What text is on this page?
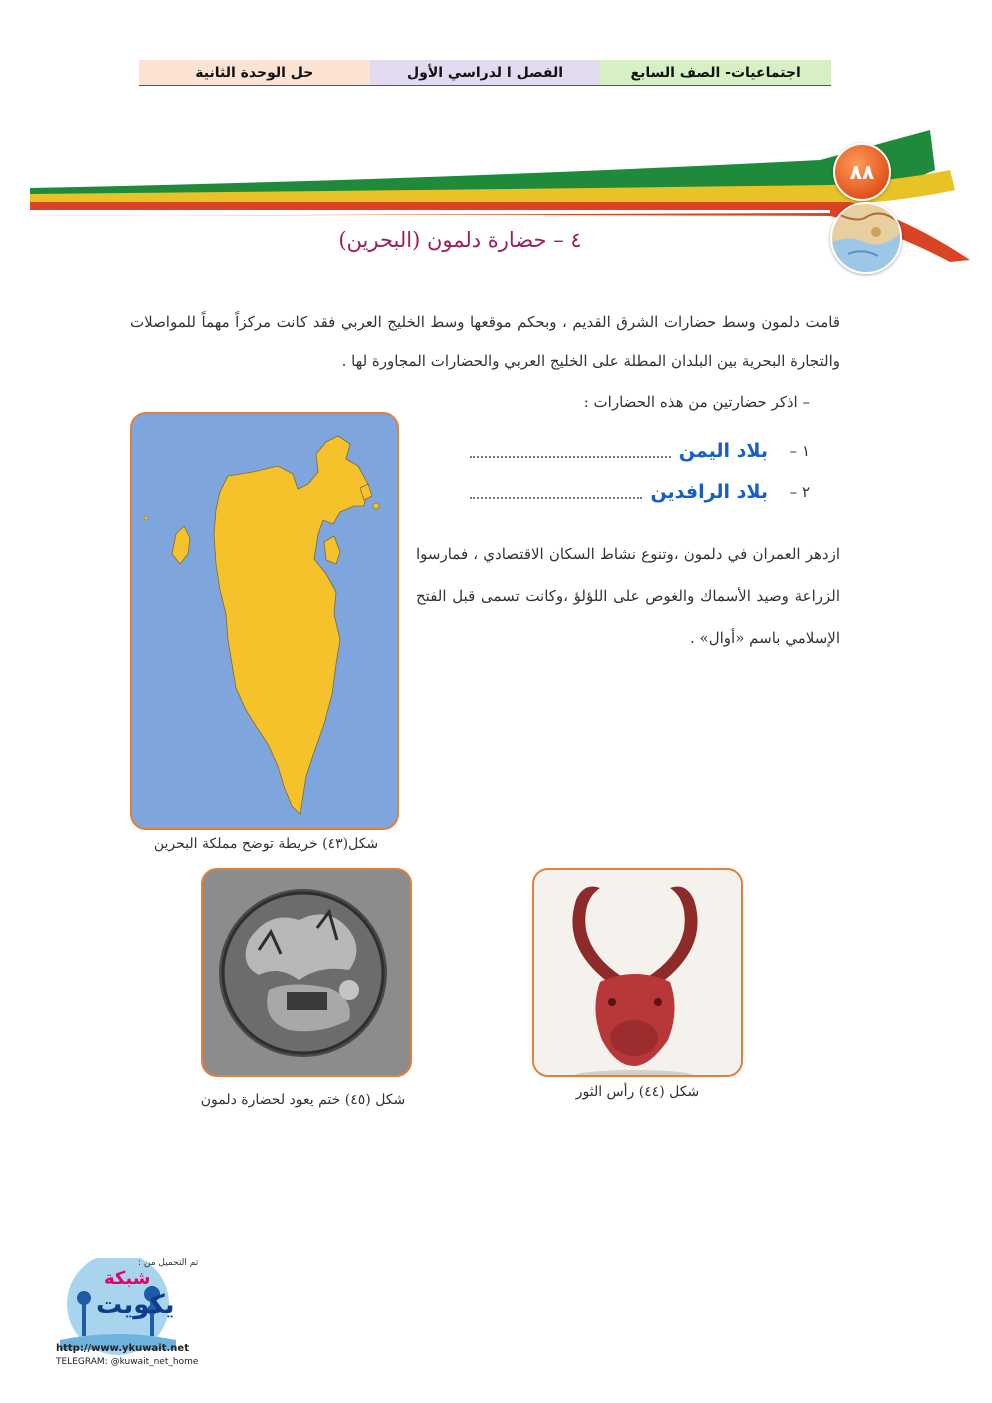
اجتماعيات- الصف السابع
الفصل ا لدراسي الأول
حل الوحدة الثانية
٨٨
٤ – حضارة دلمون (البحرين)
قامت دلمون وسط حضارات الشرق القديم ، وبحكم موقعها وسط الخليج العربي فقد كانت مركزاً مهماً للمواصلات والتجارة البحرية بين البلدان المطلة على الخليج العربي والحضارات المجاورة لها .
– اذكر حضارتين من هذه الحضارات :
١ –
بلاد اليمن
٢ –
بلاد الرافدين
ازدهر العمران في دلمون ،وتنوع نشاط السكان الاقتصادي ، فمارسوا الزراعة وصيد الأسماك والغوص على اللؤلؤ ،وكانت تسمى قبل الفتح الإسلامي باسم «أوال» .
شكل(٤٣) خريطة توضح مملكة البحرين
شكل (٤٥) ختم يعود لحضارة دلمون	شكل (٤٤) رأس الثور
تم التحميل من :
شبكة
يكويت
http://www.ykuwait.net
TELEGRAM: @kuwait_net_home
